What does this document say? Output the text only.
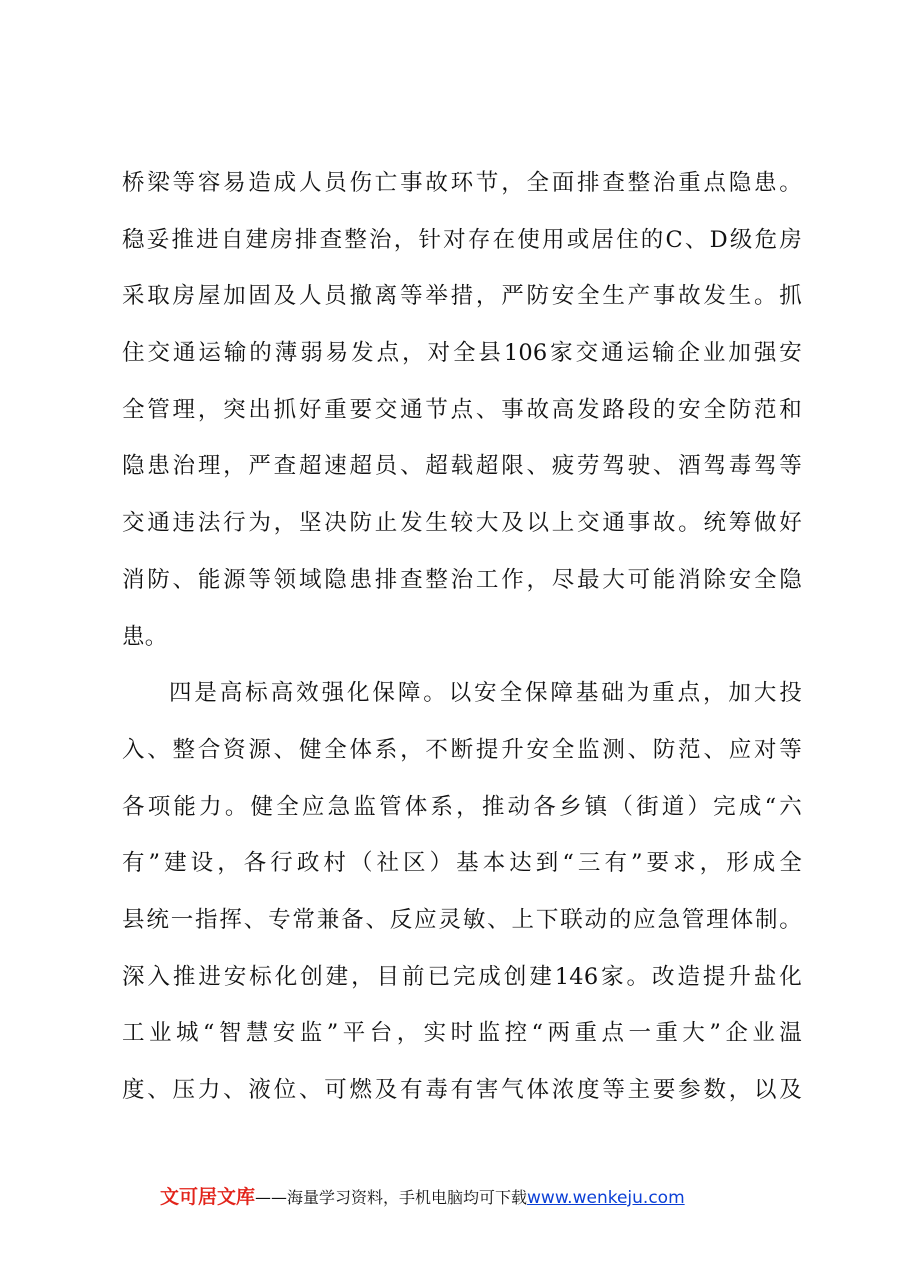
桥梁等容易造成人员伤亡事故环节，全面排查整治重点隐患。
稳妥推进自建房排查整治，针对存在使用或居住的C、D级危房
采取房屋加固及人员撤离等举措，严防安全生产事故发生。抓
住交通运输的薄弱易发点，对全县106家交通运输企业加强安
全管理，突出抓好重要交通节点、事故高发路段的安全防范和
隐患治理，严查超速超员、超载超限、疲劳驾驶、酒驾毒驾等
交通违法行为，坚决防止发生较大及以上交通事故。统筹做好
消防、能源等领域隐患排查整治工作，尽最大可能消除安全隐
患。
四是高标高效强化保障。以安全保障基础为重点，加大投
入、整合资源、健全体系，不断提升安全监测、防范、应对等
各项能力。健全应急监管体系，推动各乡镇（街道）完成“六
有”建设，各行政村（社区）基本达到“三有”要求，形成全
县统一指挥、专常兼备、反应灵敏、上下联动的应急管理体制。
深入推进安标化创建，目前已完成创建146家。改造提升盐化
工业城“智慧安监”平台，实时监控“两重点一重大”企业温
度、压力、液位、可燃及有毒有害气体浓度等主要参数，以及
文可居文库——海量学习资料，手机电脑均可下载www.wenkeju.com
